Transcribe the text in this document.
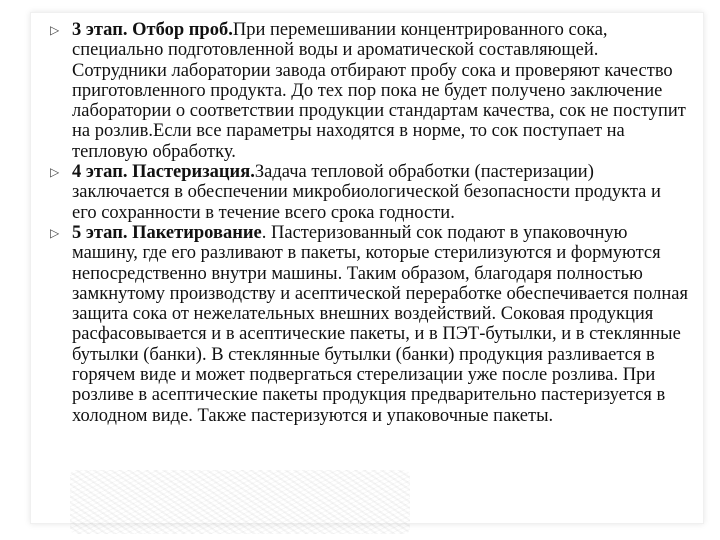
▷ 3 этап. Отбор проб.При перемешивании концентрированного сока, специально подготовленной воды и ароматической составляющей. Сотрудники лаборатории завода отбирают пробу сока и проверяют качество приготовленного продукта. До тех пор пока не будет получено заключение лаборатории о соответствии продукции стандартам качества, сок не поступит на розлив.Если все параметры находятся в норме, то сок поступает на тепловую обработку.
▷ 4 этап. Пастеризация.Задача тепловой обработки (пастеризации) заключается в обеспечении микробиологической безопасности продукта и его сохранности в течение всего срока годности.
▷ 5 этап. Пакетирование. Пастеризованный сок подают в упаковочную машину, где его разливают в пакеты, которые стерилизуются и формуются непосредственно внутри машины. Таким образом, благодаря полностью замкнутому производству и асептической переработке обеспечивается полная защита сока от нежелательных внешних воздействий. Соковая продукция расфасовывается и в асептические пакеты, и в ПЭТ-бутылки, и в стеклянные бутылки (банки). В стеклянные бутылки (банки) продукция разливается в горячем виде и может подвергаться стерелизации уже после розлива. При розливе в асептические пакеты продукция предварительно пастеризуется в холодном виде. Также пастеризуются и упаковочные пакеты.
